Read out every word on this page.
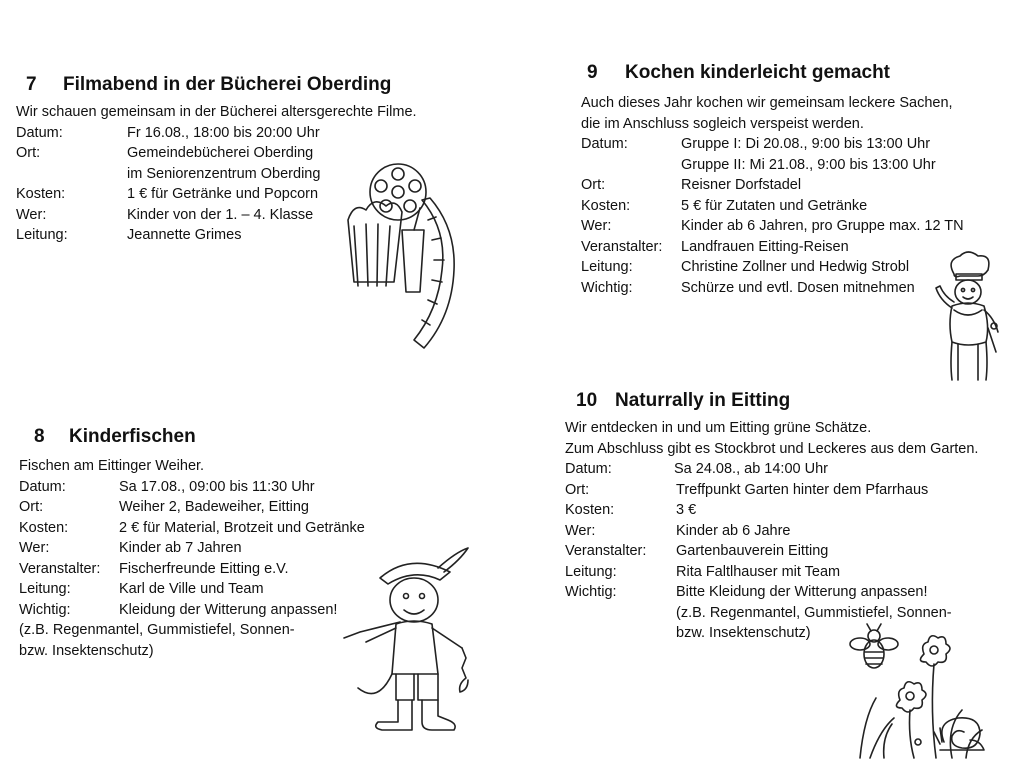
7 Filmabend in der Bücherei Oberding
Wir schauen gemeinsam in der Bücherei altersgerechte Filme.
Datum:	Fr 16.08., 18:00 bis 20:00 Uhr
Ort:	Gemeindebücherei Oberding
im Seniorenzentrum Oberding
Kosten:	1 € für Getränke und Popcorn
Wer:	Kinder von der 1. – 4. Klasse
Leitung:	Jeannette Grimes
8 Kinderfischen
Fischen am Eittinger Weiher.
Datum:	Sa 17.08., 09:00 bis 11:30 Uhr
Ort:	Weiher 2, Badeweiher, Eitting
Kosten:	2 € für Material, Brotzeit und Getränke
Wer:	Kinder ab 7 Jahren
Veranstalter:	Fischerfreunde Eitting e.V.
Leitung:	Karl de Ville und Team
Wichtig:	Kleidung der Witterung anpassen!
(z.B. Regenmantel, Gummistiefel, Sonnen-
bzw. Insektenschutz)
9 Kochen kinderleicht gemacht
Auch dieses Jahr kochen wir gemeinsam leckere Sachen,
die im Anschluss sogleich verspeist werden.
Datum:	Gruppe I: Di 20.08., 9:00 bis 13:00 Uhr
Gruppe II: Mi 21.08., 9:00 bis 13:00 Uhr
Ort:	Reisner Dorfstadel
Kosten:	5 € für Zutaten und Getränke
Wer:	Kinder ab 6 Jahren, pro Gruppe max. 12 TN
Veranstalter:	Landfrauen Eitting-Reisen
Leitung:	Christine Zollner und Hedwig Strobl
Wichtig:	Schürze und evtl. Dosen mitnehmen
10 Naturrally in Eitting
Wir entdecken in und um Eitting grüne Schätze.
Zum Abschluss gibt es Stockbrot und Leckeres aus dem Garten.
Datum:	Sa 24.08., ab 14:00 Uhr
Ort:	Treffpunkt Garten hinter dem Pfarrhaus
Kosten:	3 €
Wer:	Kinder ab 6 Jahre
Veranstalter:	Gartenbauverein Eitting
Leitung:	Rita Faltlhauser mit Team
Wichtig:	Bitte Kleidung der Witterung anpassen!
(z.B. Regenmantel, Gummistiefel, Sonnen-
bzw. Insektenschutz)
